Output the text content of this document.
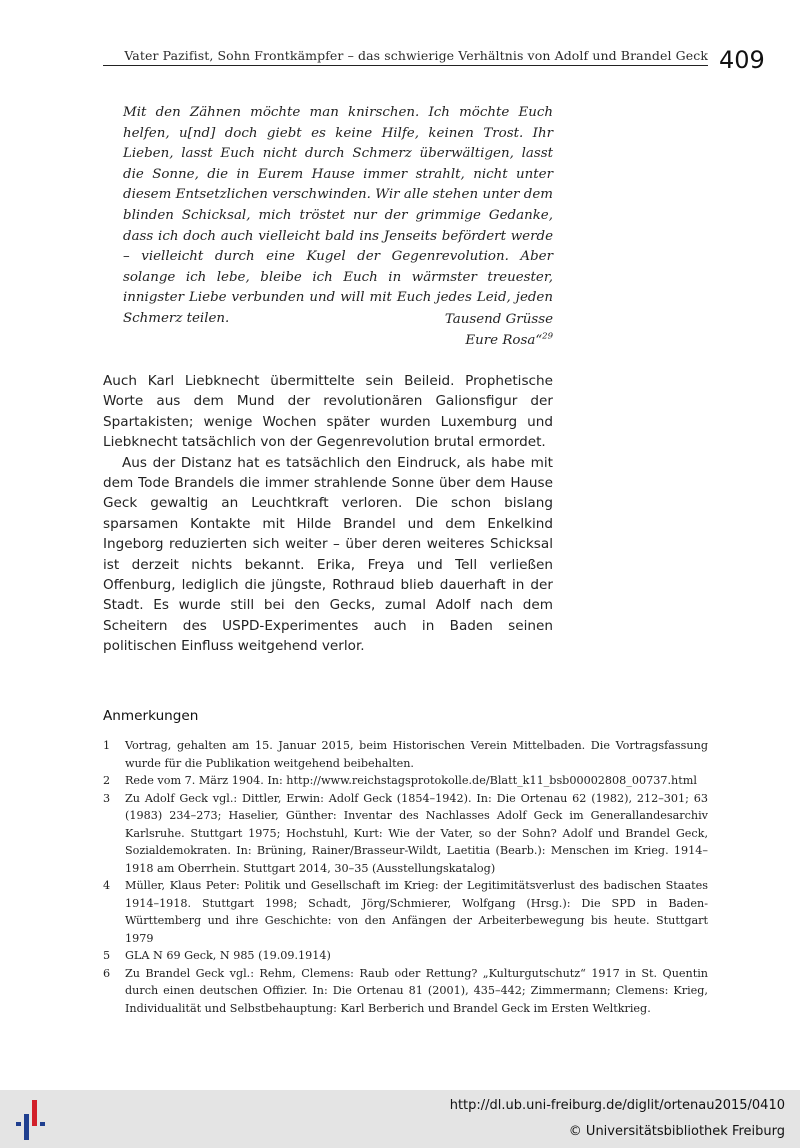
Vater Pazifist, Sohn Frontkämpfer – das schwierige Verhältnis von Adolf und Brandel Geck 409

Mit den Zähnen möchte man knirschen. Ich möchte Euch helfen, u[nd] doch giebt es keine Hilfe, keinen Trost. Ihr Lieben, lasst Euch nicht durch Schmerz überwältigen, lasst die Sonne, die in Eurem Hause immer strahlt, nicht unter diesem Entsetzlichen verschwinden. Wir alle stehen unter dem blinden Schicksal, mich tröstet nur der grimmige Gedanke, dass ich doch auch vielleicht bald ins Jenseits befördert werde – vielleicht durch eine Kugel der Gegenrevolution. Aber solange ich lebe, bleibe ich Euch in wärmster treuester, innigster Liebe verbunden und will mit Euch jedes Leid, jeden Schmerz teilen.	Tausend Grüsse
Eure Rosa“$^{29}$

Auch Karl Liebknecht übermittelte sein Beileid. Prophetische Worte aus dem Mund der revolutionären Galionsfigur der Spartakisten; wenige Wochen später wurden Luxemburg und Liebknecht tatsächlich von der Gegenrevolution brutal ermordet.

Aus der Distanz hat es tatsächlich den Eindruck, als habe mit dem Tode Brandels die immer strahlende Sonne über dem Hause Geck gewaltig an Leuchtkraft verloren. Die schon bislang sparsamen Kontakte mit Hilde Brandel und dem Enkelkind Ingeborg reduzierten sich weiter – über deren weiteres Schicksal ist derzeit nichts bekannt. Erika, Freya und Tell verließen Offenburg, lediglich die jüngste, Rothraud blieb dauerhaft in der Stadt. Es wurde still bei den Gecks, zumal Adolf nach dem Scheitern des USPD-Experimentes auch in Baden seinen politischen Einfluss weitgehend verlor.

Anmerkungen
1 Vortrag, gehalten am 15. Januar 2015, beim Historischen Verein Mittelbaden. Die Vortragsfassung wurde für die Publikation weitgehend beibehalten.
2 Rede vom 7. März 1904. In: http://www.reichstagsprotokolle.de/Blatt_k11_bsb00002808_00737.html
3 Zu Adolf Geck vgl.: Dittler, Erwin: Adolf Geck (1854–1942). In: Die Ortenau 62 (1982), 212–301; 63 (1983) 234–273; Haselier, Günther: Inventar des Nachlasses Adolf Geck im Generallandesarchiv Karlsruhe. Stuttgart 1975; Hochstuhl, Kurt: Wie der Vater, so der Sohn? Adolf und Brandel Geck, Sozialdemokraten. In: Brüning, Rainer/Brasseur-Wildt, Laetitia (Bearb.): Menschen im Krieg. 1914–1918 am Oberrhein. Stuttgart 2014, 30–35 (Ausstellungskatalog)
4 Müller, Klaus Peter: Politik und Gesellschaft im Krieg: der Legitimitätsverlust des badischen Staates 1914–1918. Stuttgart 1998; Schadt, Jörg/Schmierer, Wolfgang (Hrsg.): Die SPD in Baden-Württemberg und ihre Geschichte: von den Anfängen der Arbeiterbewegung bis heute. Stuttgart 1979
5 GLA N 69 Geck, N 985 (19.09.1914)
6 Zu Brandel Geck vgl.: Rehm, Clemens: Raub oder Rettung? „Kulturgutschutz“ 1917 in St. Quentin durch einen deutschen Offizier. In: Die Ortenau 81 (2001), 435–442; Zimmermann; Clemens: Krieg, Individualität und Selbstbehauptung: Karl Berberich und Brandel Geck im Ersten Weltkrieg.
http://dl.ub.uni-freiburg.de/diglit/ortenau2015/0410
© Universitätsbibliothek Freiburg
